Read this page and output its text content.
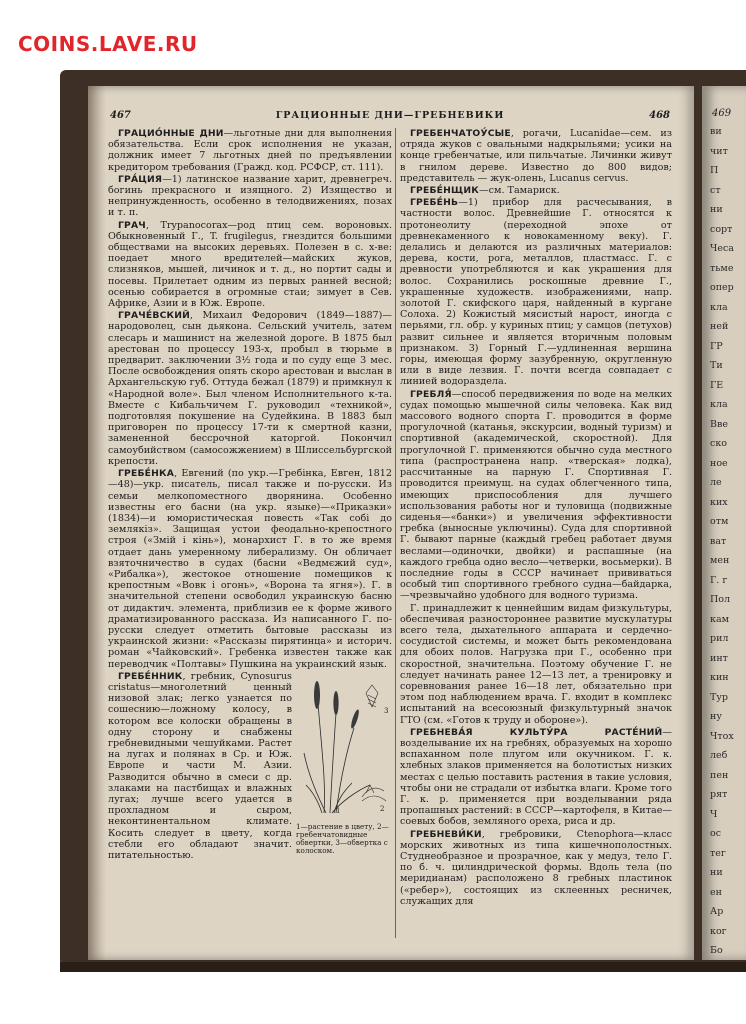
COINS.LAVE.RU
469
ви
чит
П
ст
ни
сорт
Чеса
тьме
опер
кла
ней
ГР
Ти
ГЕ
кла
Вве
ско
ное
ле
ких
отм
ват
мен
Г. г
Пол
кам
рил
инт
кин
Тур
ну
Чтох
леб
пен
рят
Ч
ос
тег
ни
ен
Ар
ког
Бо
467	ГРАЦИОННЫЕ ДНИ—ГРЕБНЕВИКИ	468

ГРАЦИО́ННЫЕ ДНИ—льготные дни для выполнения обязательства. Если срок исполнения не указан, должник имеет 7 льготных дней по предъявлении кредитором требования (Гражд. код. РСФСР, ст. 111).

ГРА́ЦИЯ—1) латинское название харит, древнегреч. богинь прекрасного и изящного. 2) Изящество и непринужденность, особенно в телодвижениях, позах и т. п.

ГРАЧ, Trypanocorax—род птиц сем. вороновых. Обыкновенный Г., T. frugilegus, гнездится большими обществами на высоких деревьях. Полезен в с. х-ве: поедает много вредителей—майских жуков, слизняков, мышей, личинок и т. д., но портит сады и посевы. Прилетает одним из первых ранней весной; осенью собирается в огромные стаи; зимует в Сев. Африке, Азии и в Юж. Европе.

ГРАЧЕ́ВСКИЙ, Михаил Федорович (1849—1887)—народоволец, сын дьякона. Сельский учитель, затем слесарь и машинист на железной дороге. В 1875 был арестован по процессу 193-х, пробыл в тюрьме в предварит. заключении 3½ года и по суду еще 3 мес. После освобождения опять скоро арестован и выслан в Архангельскую губ. Оттуда бежал (1879) и примкнул к «Народной воле». Был членом Исполнительного к-та. Вместе с Кибальчичем Г. руководил «техникой», подготовляя покушение на Судейкина. В 1883 был приговорен по процессу 17-ти к смертной казни, замененной бессрочной каторгой. Покончил самоубийством (самосожжением) в Шлиссельбургской крепости.

ГРЕБЕ́НКА, Евгений (по укр.—Гребінка, Евген, 1812—48)—укр. писатель, писал также и по-русски. Из семьи мелкопоместного дворянина. Особенно известны его басни (на укр. языке)—«Приказки» (1834)—и юмористическая повесть «Так собі до землякіз». Защищая устои феодально-крепостного строя («Змій і кінь»), монархист Г. в то же время отдает дань умеренному либерализму. Он обличает взяточничество в судах (басни «Ведмєжий суд», «Рибалка»), жестокое отношение помещиков к крепостным «Вовк і огонь», «Ворона та ягня»). Г. в значительной степени освободил украинскую басню от дидактич. элемента, приблизив ее к форме живого драматизированного рассказа. Из написанного Г. по-русски следует отметить бытовые рассказы из украинской жизни: «Рассказы пирятинца» и историч. роман «Чайковский». Гребенка известен также как переводчик «Полтавы» Пушкина на украинский язык.

1
3
2
1—растение в цвету, 2—гребенчатовидные обвертки, 3—обвертка с колоском.
ГРЕБЕ́ННИК, гребник, Cynosurus cristatus—многолетний ценный низовой злак; легко узнается по сошеснию—ложному колосу, в котором все колоски обращены в одну сторону и снабжены гребневидными чешуйками. Растет на лугах и полянах в Ср. и Юж. Европе и части М. Азии. Разводится обычно в смеси с др. злаками на пастбищах и влажных лугах; лучше всего удается в прохладном и сыром, неконтинентальном климате. Косить следует в цвету, когда стебли его обладают значит. питательностью.

ГРЕБЕНЧАТОУ́СЫЕ, рогачи, Lucanidae—сем. из отряда жуков с овальными надкрыльями; усики на конце гребенчатые, или пильчатые. Личинки живут в гнилом дереве. Известно до 800 видов; представитель — жук-олень, Lucanus cervus.

ГРЕБЕ́НЩИК—см. Тамариск.

ГРЕБЕ́НЬ—1) прибор для расчесывания, в частности волос. Древнейшие Г. относятся к протонеолиту (переходной эпохе от древнекаменного к новокаменному веку). Г. делались и делаются из различных материалов: дерева, кости, рога, металлов, пластмасс. Г. с древности употребляются и как украшения для волос. Сохранились роскошные древние Г., украшенные художеств. изображениями, напр. золотой Г. скифского царя, найденный в кургане Солоха. 2) Кожистый мясистый нарост, иногда с перьями, гл. обр. у куриных птиц; у самцов (петухов) развит сильнее и является вторичным половым признаком. 3) Горный Г.—удлиненная вершина горы, имеющая форму зазубренную, округленную или в виде лезвия. Г. почти всегда совпадает с линией водораздела.

ГРЕБЛЯ́—способ передвижения по воде на мелких судах помощью мышечной силы человека. Как вид массового водного спорта Г. проводится в форме прогулочной (катанья, экскурсии, водный туризм) и спортивной (академической, скоростной). Для прогулочной Г. применяются обычно суда местного типа (распространена напр. «тверская» лодка), рассчитанные на парную Г. Спортивная Г. проводится преимущ. на судах облегченного типа, имеющих приспособления для лучшего использования работы ног и туловища (подвижные сиденья—«банки») и увеличения эффективности гребка (выносные уключины). Суда для спортивной Г. бывают парные (каждый гребец работает двумя веслами—одиночки, двойки) и распашные (на каждого гребца одно весло—четверки, восьмерки). В последние годы в СССР начинает прививаться особый тип спортивного гребного судна—байдарка,—чрезвычайно удобного для водного туризма.

Г. принадлежит к ценнейшим видам физкультуры, обеспечивая разностороннее развитие мускулатуры всего тела, дыхательного аппарата и сердечно-сосудистой системы, и может быть рекомендована для обоих полов. Нагрузка при Г., особенно при скоростной, значительна. Поэтому обучение Г. не следует начинать ранее 12—13 лет, а тренировку и соревнования ранее 16—18 лет, обязательно при этом под наблюдением врача. Г. входит в комплекс испытаний на всесоюзный физкультурный значок ГТО (см. «Готов к труду и обороне»).

ГРЕБНЕВА́Я КУЛЬТУ́РА РАСТЕ́НИЙ—возделывание их на гребнях, образуемых на хорошо вспаханном поле плугом или окучником. Г. к. хлебных злаков применяется на болотистых низких местах с целью поставить растения в такие условия, чтобы они не страдали от избытка влаги. Кроме того Г. к. р. применяется при возделывании ряда пропашных растений: в СССР—картофеля, в Китае—соевых бобов, земляного ореха, риса и др.

ГРЕБНЕВИ́КИ, гребровики, Ctenophora—класс морских животных из типа кишечнополостных. Студнеобразное и прозрачное, как у медуз, тело Г. по б. ч. цилиндрической формы. Вдоль тела (по меридианам) расположено 8 гребных пластинок («ребер»), состоящих из склеенных ресничек, служащих для
